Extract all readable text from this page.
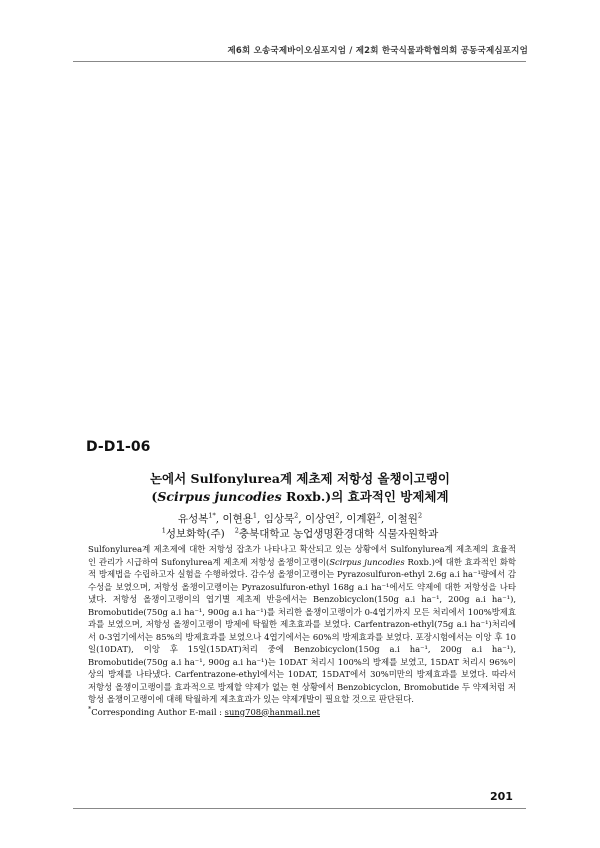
제6회 오송국제바이오심포지엄 / 제2회 한국식물과학협의회 공동국제심포지엄
D-D1-06
논에서 Sulfonylurea계 제초제 저항성 올챙이고랭이
(Scirpus juncodies Roxb.)의 효과적인 방제체계
유성복$^{1*}$, 이현용$^1$, 임상묵$^2$, 이상연$^2$, 이계환$^2$, 이철원$^2$
$^1$성보화학(주) $^2$충북대학교 농업생명환경대학 식물자원학과

Sulfonylurea계 제초제에 대한 저항성 잡초가 나타나고 확산되고 있는 상황에서 Sulfonylurea계 제초제의 효율적인 관리가 시급하여 Sufonylurea계 제초제 저항성 올챙이고랭이(Scirpus juncodies Roxb.)에 대한 효과적인 화학적 방제법을 수립하고자 실험을 수행하였다. 감수성 올챙이고랭이는 Pyrazosulfuron-ethyl 2.6g a.i ha⁻¹량에서 감수성을 보였으며, 저항성 올챙이고랭이는 Pyrazosulfuron-ethyl 168g a.i ha⁻¹에서도 약제에 대한 저항성을 나타냈다. 저항성 올챙이고랭이의 엽기별 제초제 반응에서는 Benzobicyclon(150g a.i ha⁻¹, 200g a.i ha⁻¹), Bromobutide(750g a.i ha⁻¹, 900g a.i ha⁻¹)를 처리한 올챙이고랭이가 0-4엽기까지 모든 처리에서 100%방제효과를 보였으며, 저항성 올챙이고랭이 방제에 탁월한 제초효과를 보였다. Carfentrazon-ethyl(75g a.i ha⁻¹)처리에서 0-3엽기에서는 85%의 방제효과를 보였으나 4엽기에서는 60%의 방제효과를 보였다. 포장시험에서는 이앙 후 10일(10DAT), 이앙 후 15일(15DAT)처리 중에 Benzobicyclon(150g a.i ha⁻¹, 200g a.i ha⁻¹), Bromobutide(750g a.i ha⁻¹, 900g a.i ha⁻¹)는 10DAT 처리시 100%의 방제를 보였고, 15DAT 처리시 96%이상의 방제를 나타냈다. Carfentrazone-ethyl에서는 10DAT, 15DAT에서 30%미만의 방제효과를 보였다. 따라서 저항성 올챙이고랭이를 효과적으로 방제할 약제가 없는 현 상황에서 Benzobicyclon, Bromobutide 두 약제처럼 저항성 올챙이고랭이에 대해 탁월하게 제초효과가 있는 약제개발이 필요할 것으로 판단된다.

*Corresponding Author E-mail : sung708@hanmail.net

201
